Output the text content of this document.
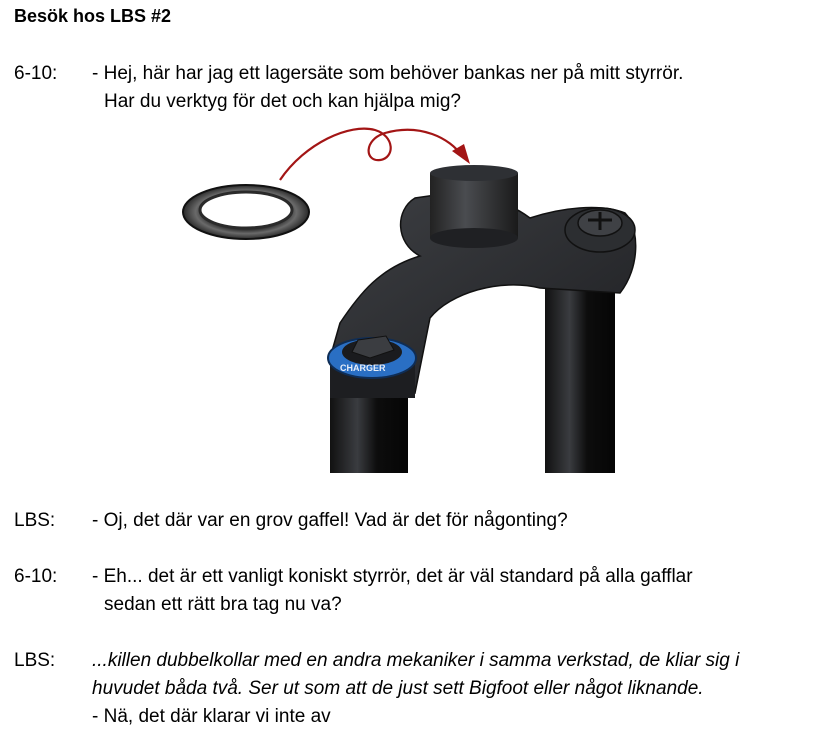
Besök hos LBS #2
6-10: - Hej, här har jag ett lagersäte som behöver bankas ner på mitt styrrör.
Har du verktyg för det och kan hjälpa mig?
CHARGER
LBS: - Oj, det där var en grov gaffel! Vad är det för någonting?
6-10: - Eh... det är ett vanligt koniskt styrrör, det är väl standard på alla gafflar
sedan ett rätt bra tag nu va?
LBS: ...killen dubbelkollar med en andra mekaniker i samma verkstad, de kliar sig i
huvudet båda två. Ser ut som att de just sett Bigfoot eller något liknande.
- Nä, det där klarar vi inte av
